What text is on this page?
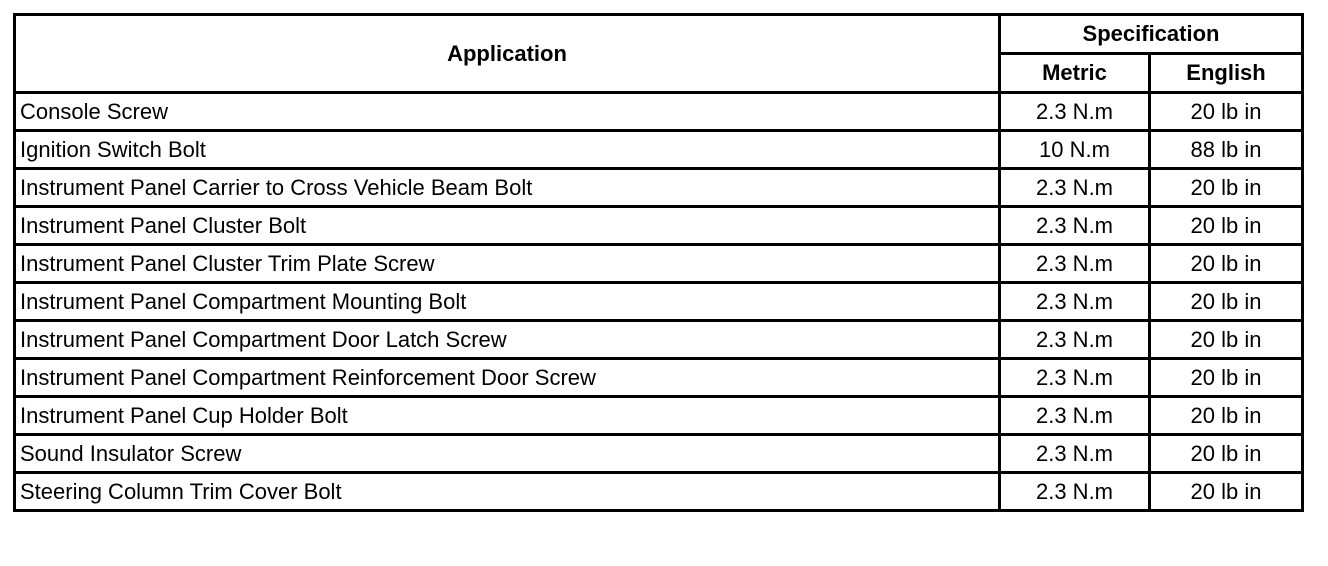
Application	Specification	
	Metric	English
Console Screw	2.3 N.m	20 lb in
Ignition Switch Bolt	10 N.m	88 lb in
Instrument Panel Carrier to Cross Vehicle Beam Bolt	2.3 N.m	20 lb in
Instrument Panel Cluster Bolt	2.3 N.m	20 lb in
Instrument Panel Cluster Trim Plate Screw	2.3 N.m	20 lb in
Instrument Panel Compartment Mounting Bolt	2.3 N.m	20 lb in
Instrument Panel Compartment Door Latch Screw	2.3 N.m	20 lb in
Instrument Panel Compartment Reinforcement Door Screw	2.3 N.m	20 lb in
Instrument Panel Cup Holder Bolt	2.3 N.m	20 lb in
Sound Insulator Screw	2.3 N.m	20 lb in
Steering Column Trim Cover Bolt	2.3 N.m	20 lb in
